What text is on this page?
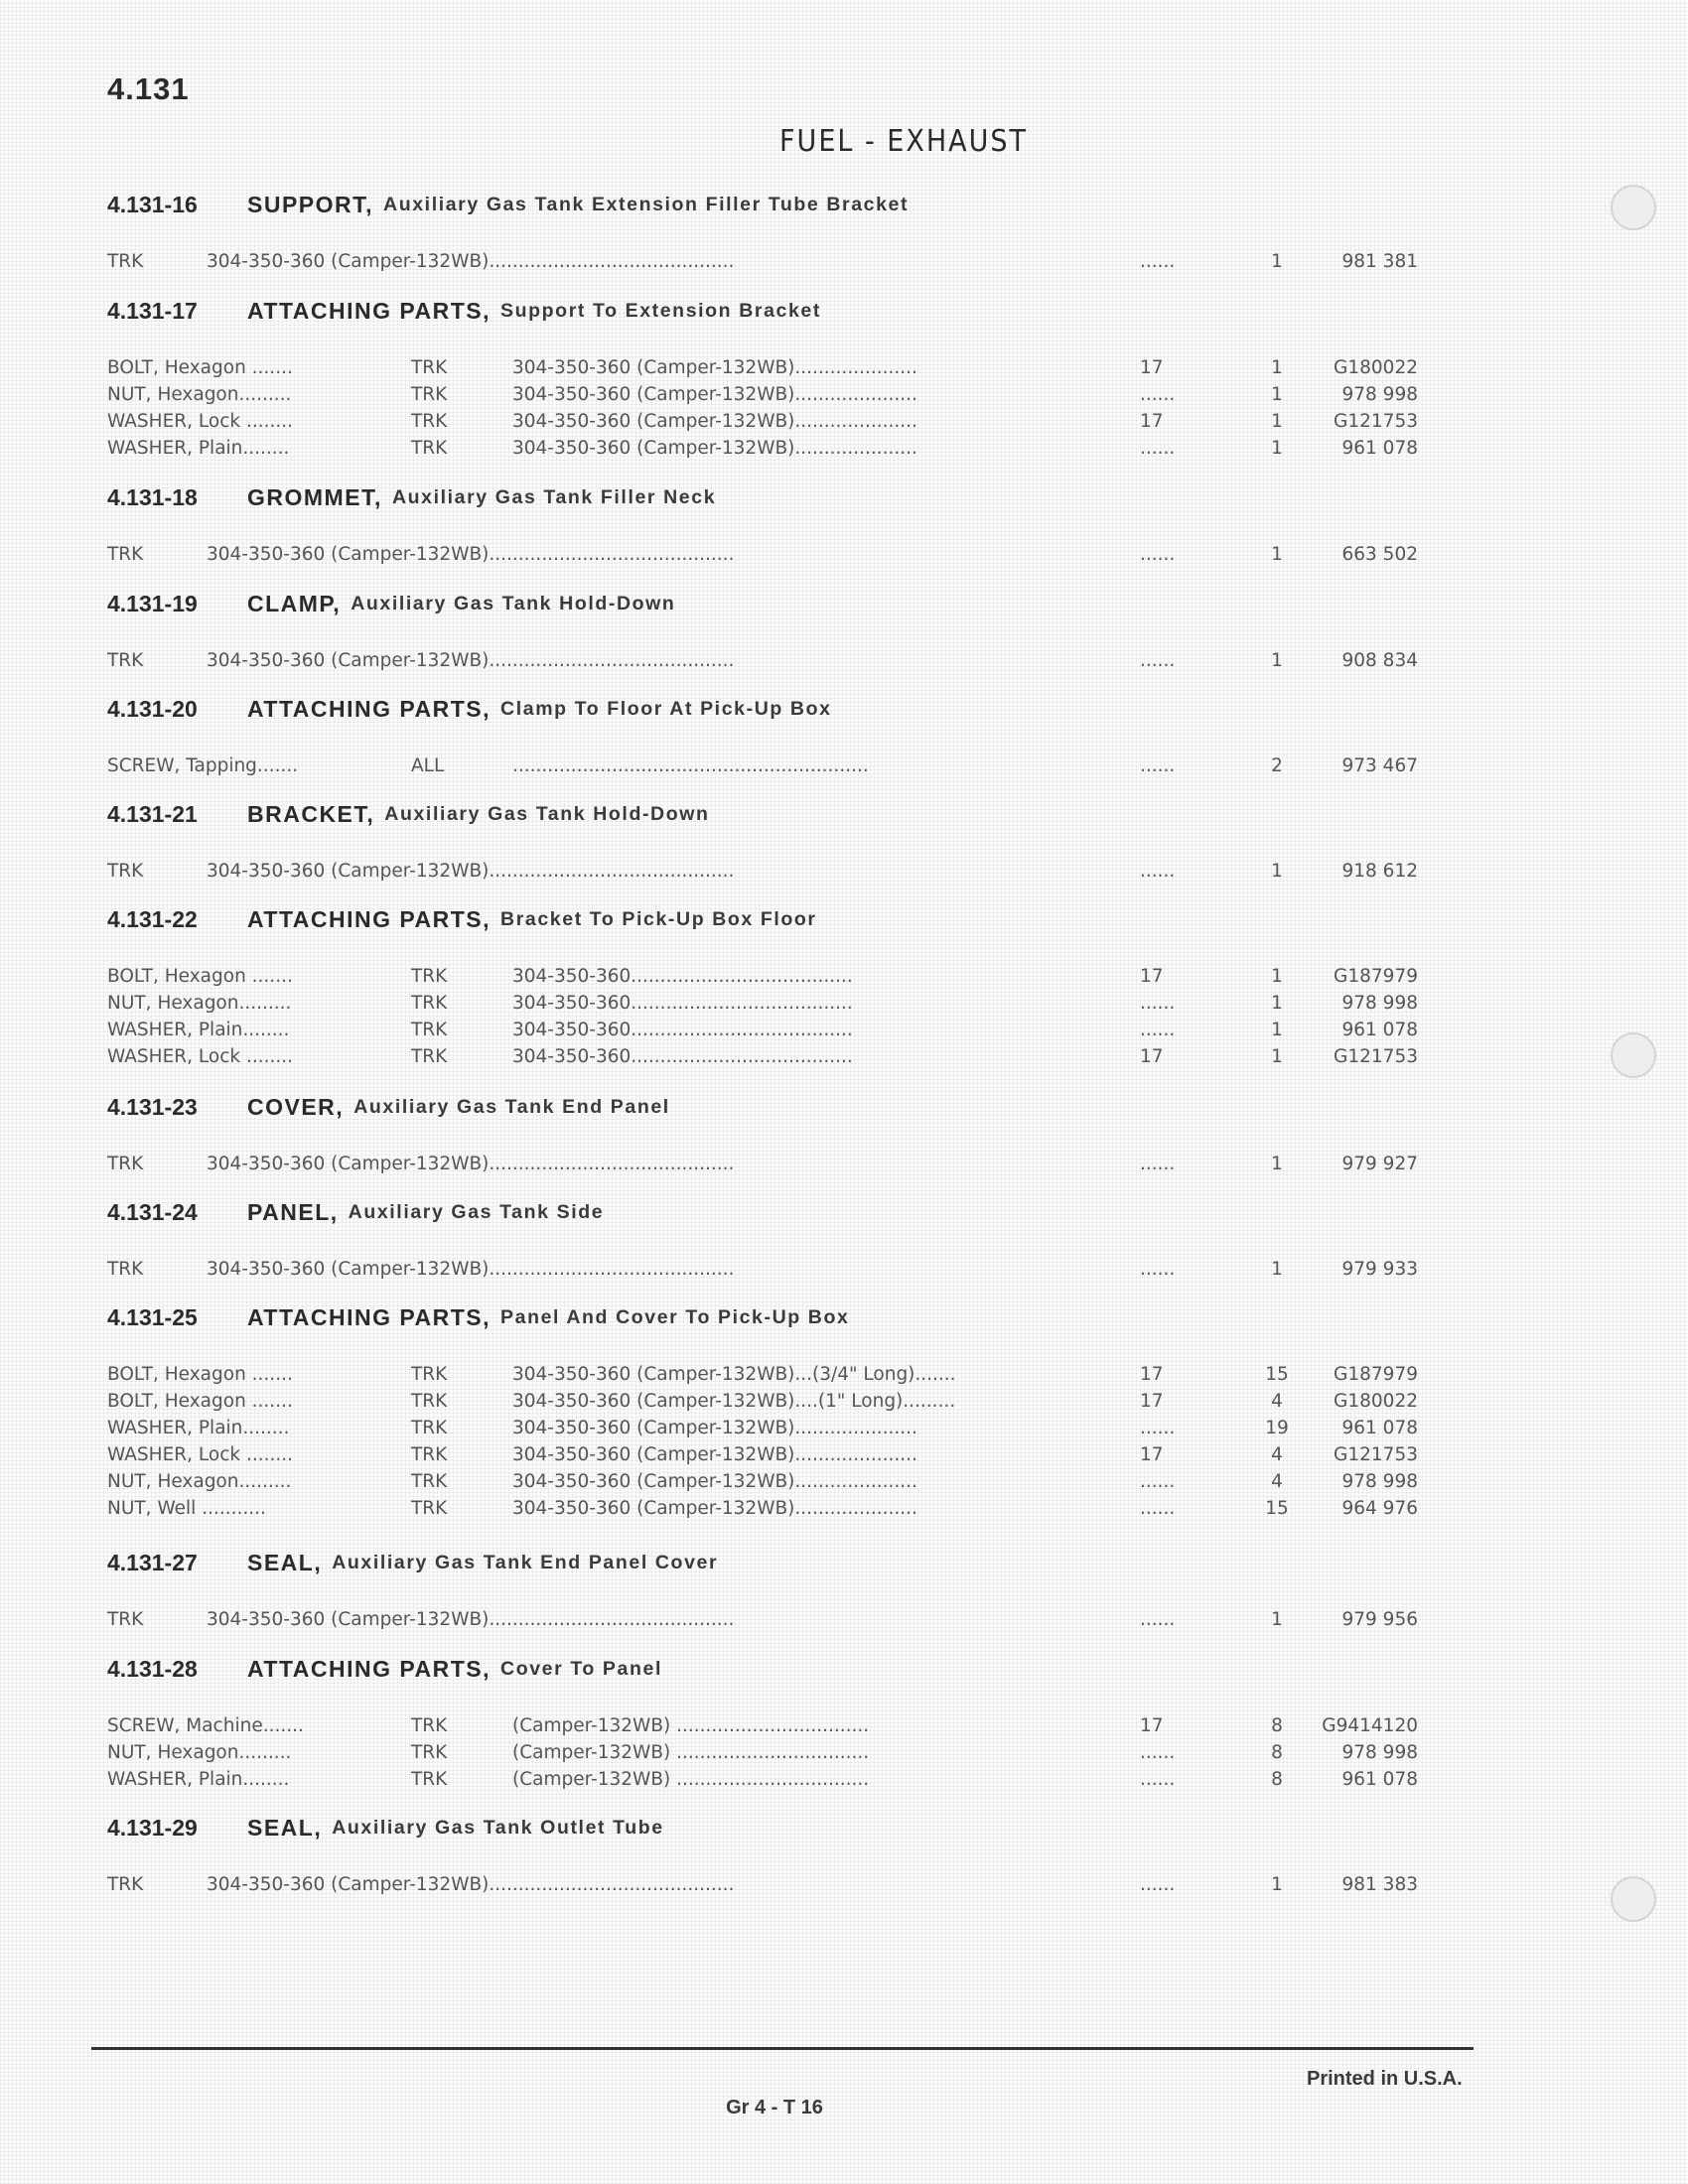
4.131
FUEL - EXHAUST
4.131-16	SUPPORT, Auxiliary Gas Tank Extension Filler Tube Bracket
TRK	304-350-360 (Camper-132WB)..........................................	......	1	981 381
4.131-17	ATTACHING PARTS, Support To Extension Bracket
BOLT, Hexagon .......	TRK	304-350-360 (Camper-132WB).....................	17	1	G180022
NUT, Hexagon.........	TRK	304-350-360 (Camper-132WB).....................	......	1	978 998
WASHER, Lock ........	TRK	304-350-360 (Camper-132WB).....................	17	1	G121753
WASHER, Plain........	TRK	304-350-360 (Camper-132WB).....................	......	1	961 078
4.131-18	GROMMET, Auxiliary Gas Tank Filler Neck
TRK	304-350-360 (Camper-132WB)..........................................	......	1	663 502
4.131-19	CLAMP, Auxiliary Gas Tank Hold-Down
TRK	304-350-360 (Camper-132WB)..........................................	......	1	908 834
4.131-20	ATTACHING PARTS, Clamp To Floor At Pick-Up Box
SCREW, Tapping.......	ALL	.............................................................	......	2	973 467
4.131-21	BRACKET, Auxiliary Gas Tank Hold-Down
TRK	304-350-360 (Camper-132WB)..........................................	......	1	918 612
4.131-22	ATTACHING PARTS, Bracket To Pick-Up Box Floor
BOLT, Hexagon .......	TRK	304-350-360......................................	17	1	G187979
NUT, Hexagon.........	TRK	304-350-360......................................	......	1	978 998
WASHER, Plain........	TRK	304-350-360......................................	......	1	961 078
WASHER, Lock ........	TRK	304-350-360......................................	17	1	G121753
4.131-23	COVER, Auxiliary Gas Tank End Panel
TRK	304-350-360 (Camper-132WB)..........................................	......	1	979 927
4.131-24	PANEL, Auxiliary Gas Tank Side
TRK	304-350-360 (Camper-132WB)..........................................	......	1	979 933
4.131-25	ATTACHING PARTS, Panel And Cover To Pick-Up Box
BOLT, Hexagon .......	TRK	304-350-360 (Camper-132WB)...(3/4" Long).......	17	15	G187979
BOLT, Hexagon .......	TRK	304-350-360 (Camper-132WB)....(1" Long).........	17	4	G180022
WASHER, Plain........	TRK	304-350-360 (Camper-132WB).....................	......	19	961 078
WASHER, Lock ........	TRK	304-350-360 (Camper-132WB).....................	17	4	G121753
NUT, Hexagon.........	TRK	304-350-360 (Camper-132WB).....................	......	4	978 998
NUT, Well ...........	TRK	304-350-360 (Camper-132WB).....................	......	15	964 976
4.131-27	SEAL, Auxiliary Gas Tank End Panel Cover
TRK	304-350-360 (Camper-132WB)..........................................	......	1	979 956
4.131-28	ATTACHING PARTS, Cover To Panel
SCREW, Machine.......	TRK	(Camper-132WB) .................................	17	8	G9414120
NUT, Hexagon.........	TRK	(Camper-132WB) .................................	......	8	978 998
WASHER, Plain........	TRK	(Camper-132WB) .................................	......	8	961 078
4.131-29	SEAL, Auxiliary Gas Tank Outlet Tube
TRK	304-350-360 (Camper-132WB)..........................................	......	1	981 383
Printed in U.S.A.
Gr 4 - T 16
